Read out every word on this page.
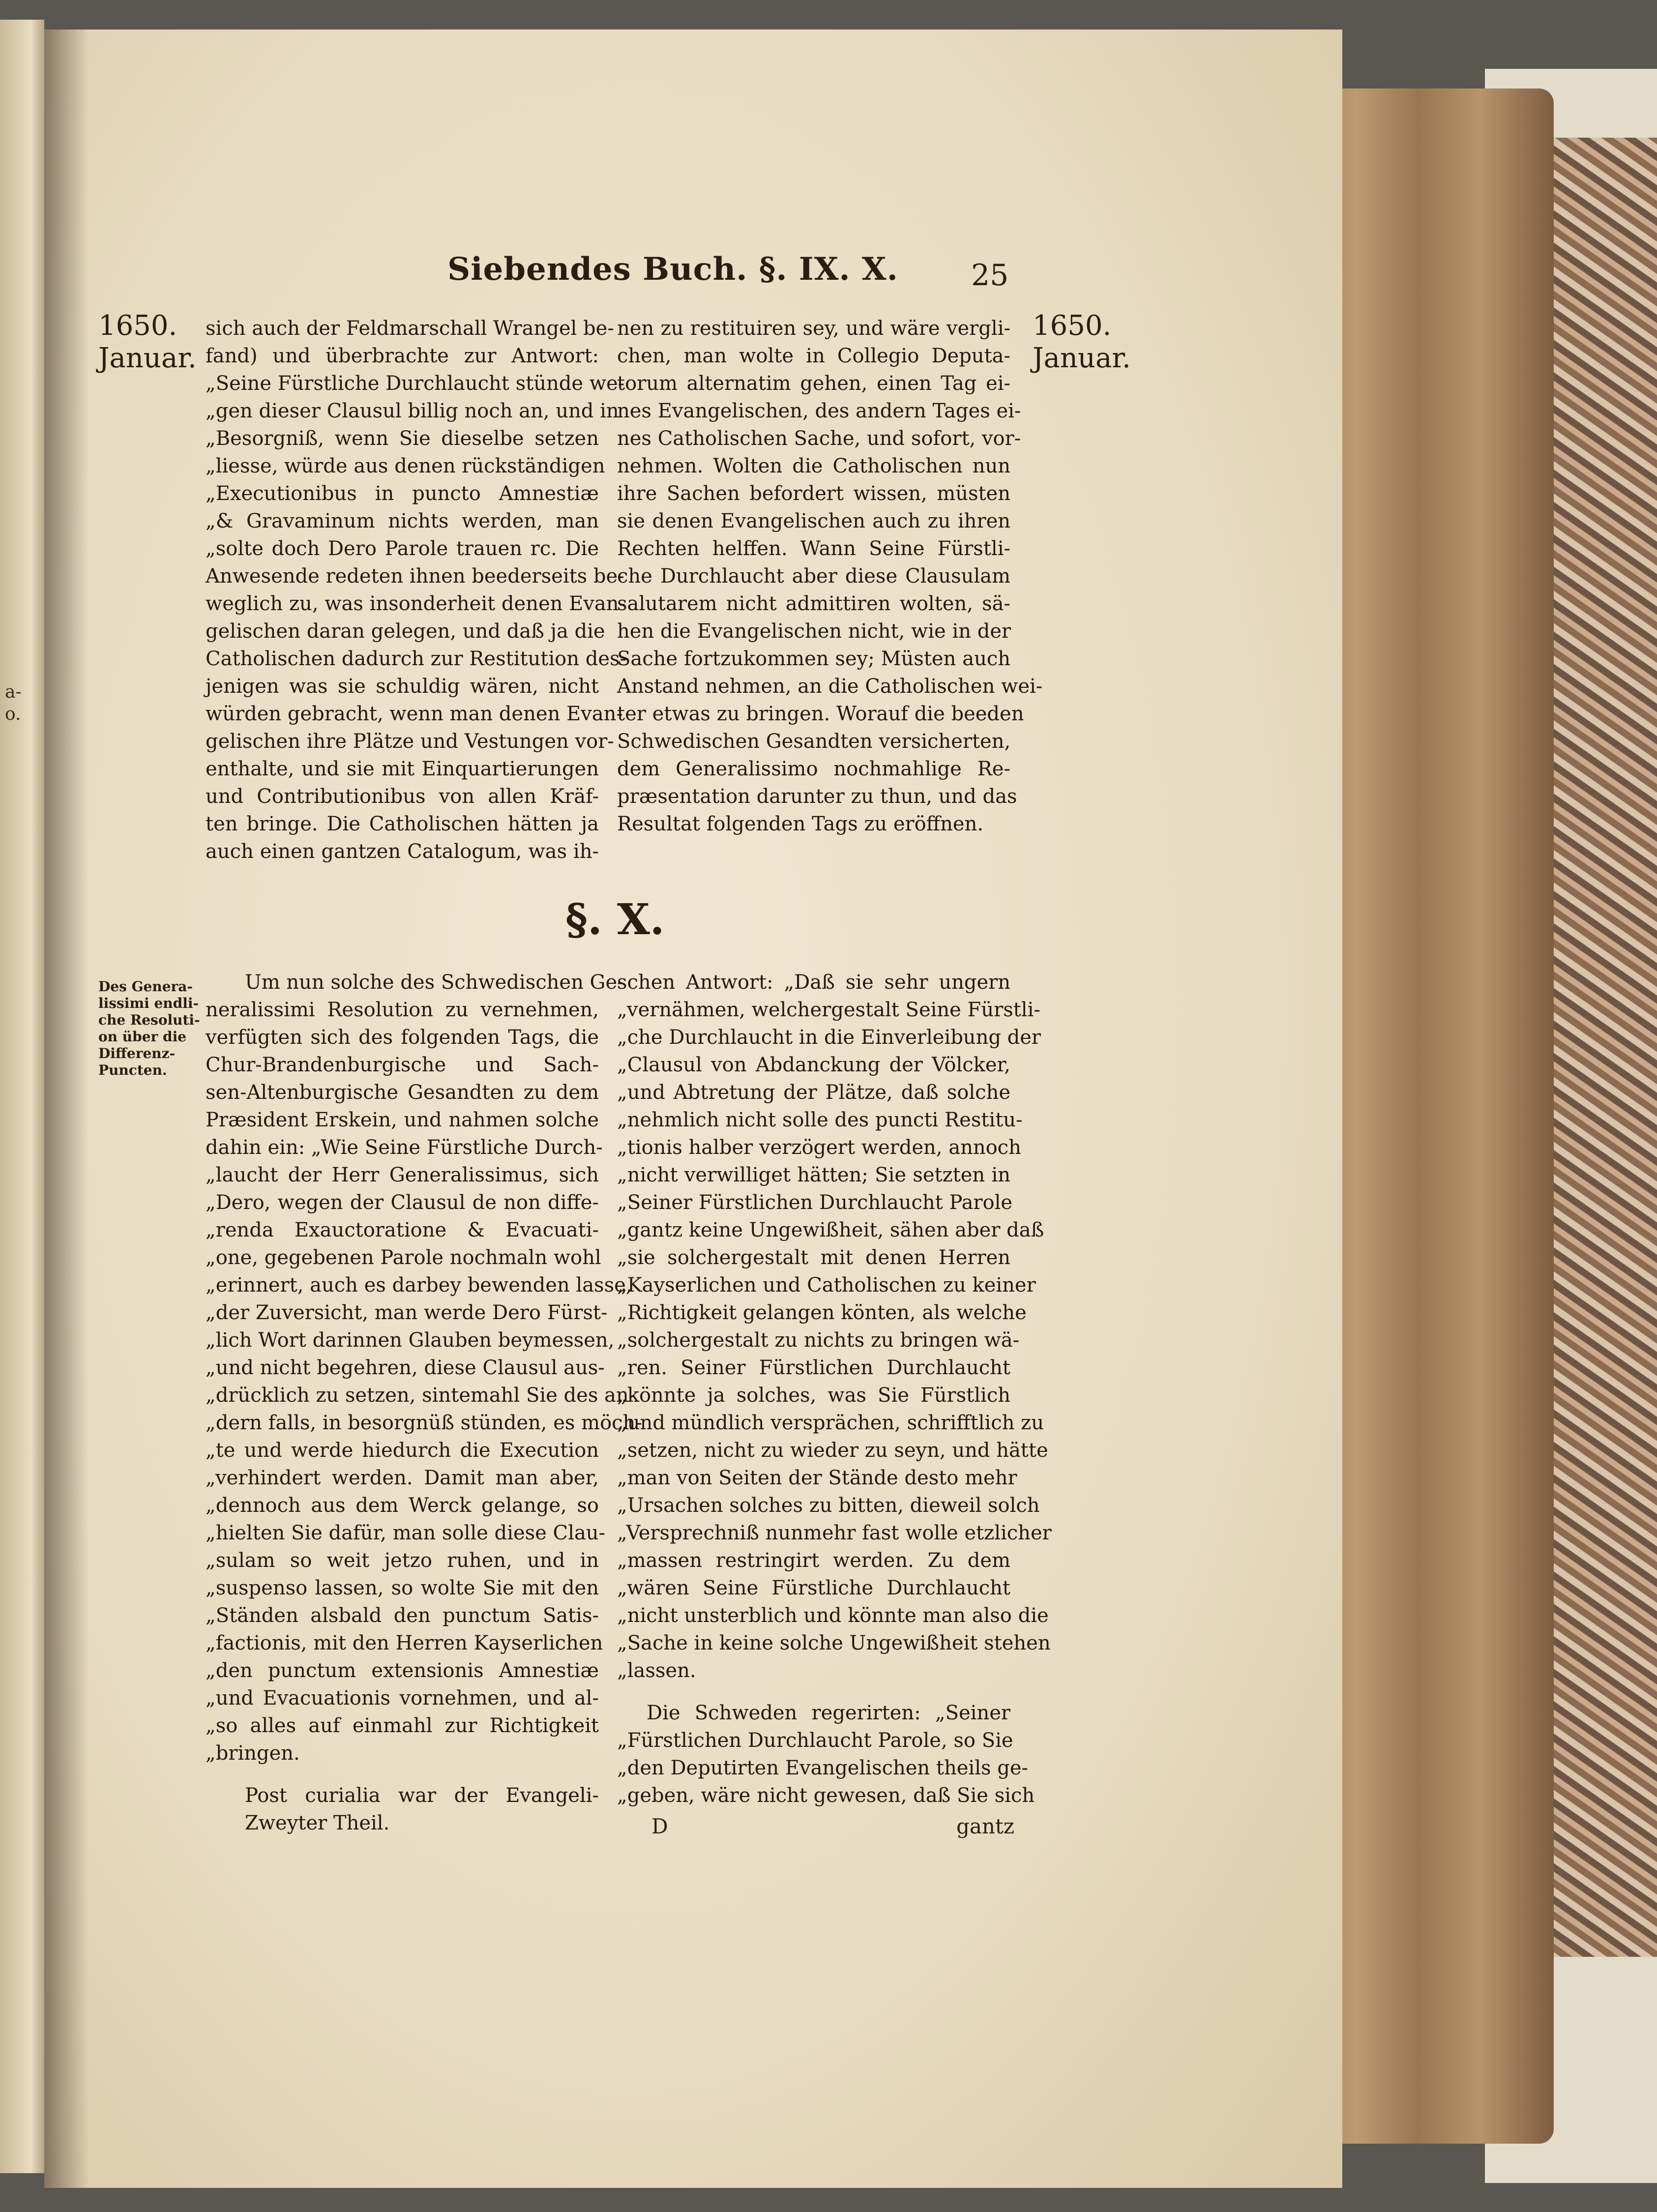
a-
o.
Siebendes Buch. §. IX. X. 25
1650.
Januar.
1650.
Januar.
sich auch der Feldmarschall Wrangel be-
fand) und überbrachte zur Antwort:
„Seine Fürstliche Durchlaucht stünde we-
„gen dieser Clausul billig noch an, und in
„Besorgniß, wenn Sie dieselbe setzen
„liesse, würde aus denen rückständigen
„Executionibus in puncto Amnestiæ
„& Gravaminum nichts werden, man
„solte doch Dero Parole trauen rc. Die
Anwesende redeten ihnen beederseits be-
weglich zu, was insonderheit denen Evan-
gelischen daran gelegen, und daß ja die
Catholischen dadurch zur Restitution des-
jenigen was sie schuldig wären, nicht
würden gebracht, wenn man denen Evan-
gelischen ihre Plätze und Vestungen vor-
enthalte, und sie mit Einquartierungen
und Contributionibus von allen Kräf-
ten bringe. Die Catholischen hätten ja
auch einen gantzen Catalogum, was ih-
nen zu restituiren sey, und wäre vergli-
chen, man wolte in Collegio Deputa-
torum alternatim gehen, einen Tag ei-
nes Evangelischen, des andern Tages ei-
nes Catholischen Sache, und sofort, vor-
nehmen. Wolten die Catholischen nun
ihre Sachen befordert wissen, müsten
sie denen Evangelischen auch zu ihren
Rechten helffen. Wann Seine Fürstli-
che Durchlaucht aber diese Clausulam
salutarem nicht admittiren wolten, sä-
hen die Evangelischen nicht, wie in der
Sache fortzukommen sey; Müsten auch
Anstand nehmen, an die Catholischen wei-
ter etwas zu bringen. Worauf die beeden
Schwedischen Gesandten versicherten,
dem Generalissimo nochmahlige Re-
præsentation darunter zu thun, und das
Resultat folgenden Tags zu eröffnen.
§. X.
Des Genera-
lissimi endli-
che Resoluti-
on über die
Differenz-
Puncten.
Um nun solche des Schwedischen Ge-
neralissimi Resolution zu vernehmen,
verfügten sich des folgenden Tags, die
Chur-Brandenburgische und Sach-
sen-Altenburgische Gesandten zu dem
Præsident Erskein, und nahmen solche
dahin ein: „Wie Seine Fürstliche Durch-
„laucht der Herr Generalissimus, sich
„Dero, wegen der Clausul de non diffe-
„renda Exauctoratione & Evacuati-
„one, gegebenen Parole nochmaln wohl
„erinnert, auch es darbey bewenden lasse,
„der Zuversicht, man werde Dero Fürst-
„lich Wort darinnen Glauben beymessen,
„und nicht begehren, diese Clausul aus-
„drücklich zu setzen, sintemahl Sie des an-
„dern falls, in besorgnüß stünden, es möch-
„te und werde hiedurch die Execution
„verhindert werden. Damit man aber,
„dennoch aus dem Werck gelange, so
„hielten Sie dafür, man solle diese Clau-
„sulam so weit jetzo ruhen, und in
„suspenso lassen, so wolte Sie mit den
„Ständen alsbald den punctum Satis-
„factionis, mit den Herren Kayserlichen
„den punctum extensionis Amnestiæ
„und Evacuationis vornehmen, und al-
„so alles auf einmahl zur Richtigkeit
„bringen.
Post curialia war der Evangeli-
Zweyter Theil.
schen Antwort: „Daß sie sehr ungern
„vernähmen, welchergestalt Seine Fürstli-
„che Durchlaucht in die Einverleibung der
„Clausul von Abdanckung der Völcker,
„und Abtretung der Plätze, daß solche
„nehmlich nicht solle des puncti Restitu-
„tionis halber verzögert werden, annoch
„nicht verwilliget hätten; Sie setzten in
„Seiner Fürstlichen Durchlaucht Parole
„gantz keine Ungewißheit, sähen aber daß
„sie solchergestalt mit denen Herren
„Kayserlichen und Catholischen zu keiner
„Richtigkeit gelangen könten, als welche
„solchergestalt zu nichts zu bringen wä-
„ren. Seiner Fürstlichen Durchlaucht
„könnte ja solches, was Sie Fürstlich
„und mündlich versprächen, schrifftlich zu
„setzen, nicht zu wieder zu seyn, und hätte
„man von Seiten der Stände desto mehr
„Ursachen solches zu bitten, dieweil solch
„Versprechniß nunmehr fast wolle etzlicher
„massen restringirt werden. Zu dem
„wären Seine Fürstliche Durchlaucht
„nicht unsterblich und könnte man also die
„Sache in keine solche Ungewißheit stehen
„lassen.
Die Schweden regerirten: „Seiner
„Fürstlichen Durchlaucht Parole, so Sie
„den Deputirten Evangelischen theils ge-
„geben, wäre nicht gewesen, daß Sie sich
D	gantz
